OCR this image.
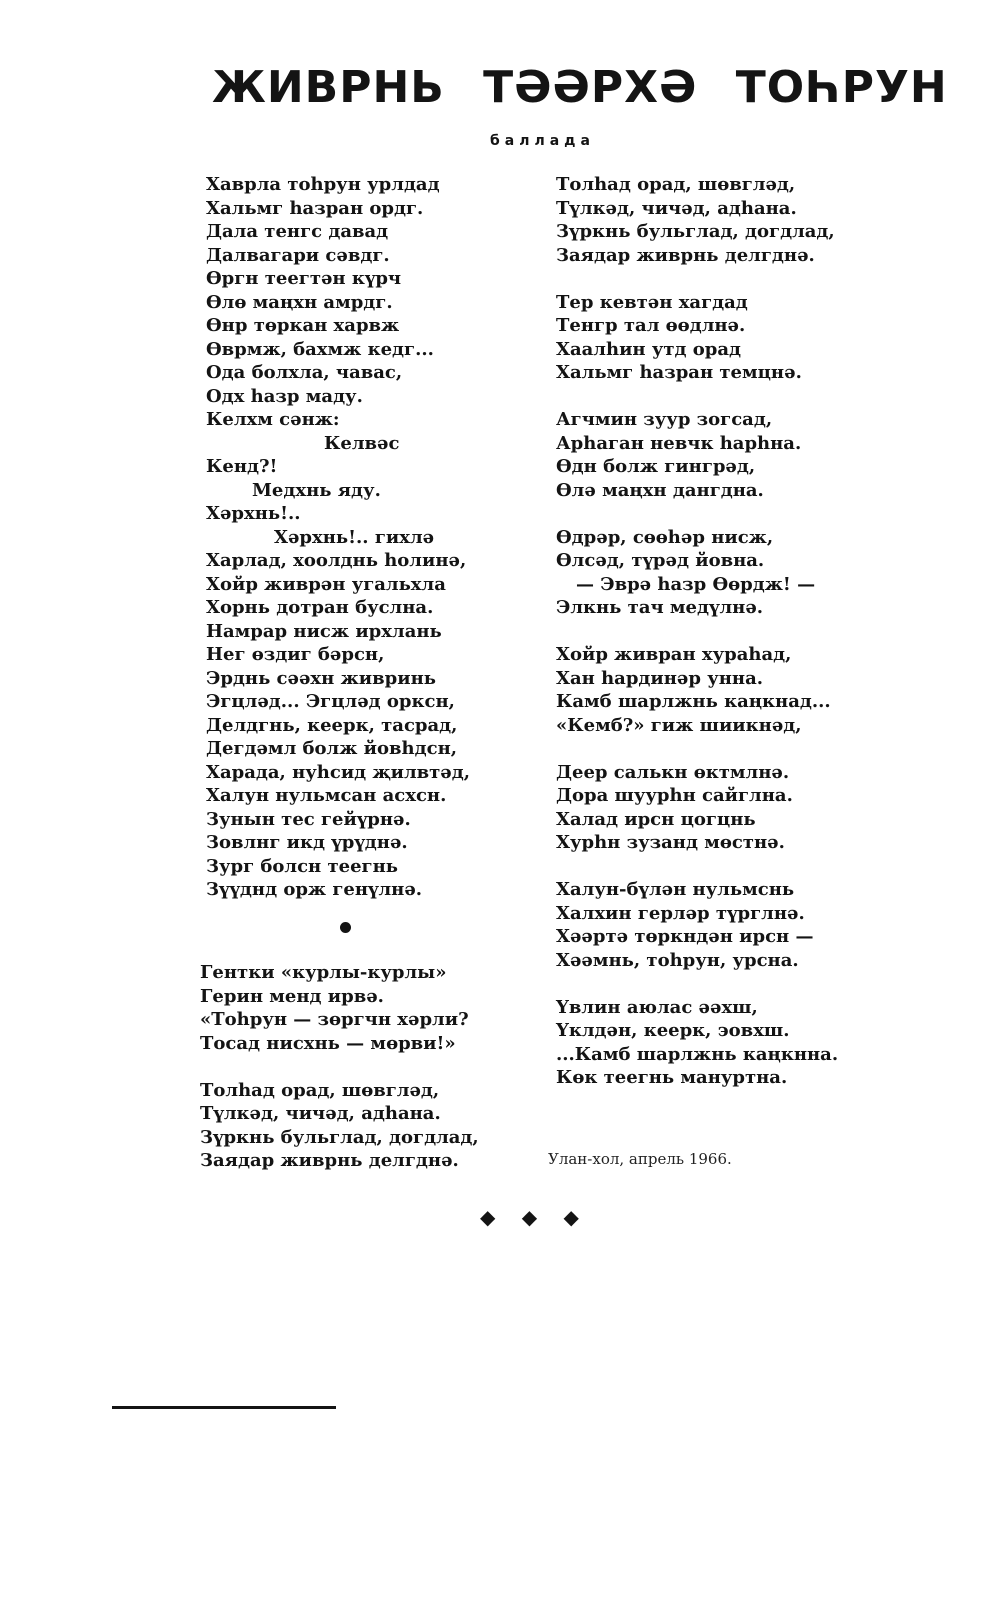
ЖИВРНЬ ТӘӘРХӘ ТОҺРУН
баллада
Хаврла тоһрун урлдад
Хальмг һазран ордг.
Дала тенгс давад
Далвагари сәвдг.
Өргн теегтән күрч
Өлө маңхн амрдг.
Өнр төркан харвж
Өврмж, бахмж кедг...
Ода болхла, чавас,
Одх һазр маду.
Келхм сәнж:
Келвәс
Кенд?!
Медхнь яду.
Хәрхнь!..
Хәрхнь!.. гихлә
Харлад, хоолднь һолинә,
Хойр живрән угальхла
Хорнь дотран буслна.
Намрар нисж ирхлань
Нег өздиг бәрсн,
Эрднь сәәхн живринь
Эгцләд... Эгцләд орксн,
Делдгнь, кеерк, тасрад,
Дегдәмл болж йовһдсн,
Харада, нуһсид җилвтәд,
Халун нульмсан асхсн.
Зунын тес гейүрнә.
Зовлнг икд үрүднә.
Зург болсн теегнь
Зүүднд орж генүлнә.
Гентки «курлы-курлы»
Герин менд ирвә.
«Тоһрун — зөргчн хәрли?
Тосад нисхнь — мөрви!»
Толһад орад, шөвгләд,
Түлкәд, чичәд, адһана.
Зүркнь бульглад, догдлад,
Заядар живрнь делгднә.
Толһад орад, шөвгләд,
Түлкәд, чичәд, адһана.
Зүркнь бульглад, догдлад,
Заядар живрнь делгднә.
Тер кевтән хагдад
Тенгр тал өөдлнә.
Хаалһин утд орад
Хальмг һазран темцнә.
Агчмин зуур зогсад,
Арһаган невчк һарһна.
Өдн болж гингрәд,
Өлә маңхн дангдна.
Өдрәр, сөөһәр нисж,
Өлсәд, түрәд йовна.
— Эврә һазр Өөрдж! —
Элкнь тач медүлнә.
Хойр живран хураһад,
Хан һардинәр унна.
Камб шарлжнь каңкнад...
«Кемб?» гиж шиикнәд,
Деер салькн өктмлнә.
Дора шуурһн сайглна.
Халад ирсн цогцнь
Хурһн зузанд мөстнә.
Халун-бүлән нульмснь
Халхин герләр түрглнә.
Хәәртә төркндән ирсн —
Хәәмнь, тоһрун, урсна.
Үвлин аюлас әәхш,
Үклдән, кеерк, эовхш.
...Камб шарлжнь каңкнна.
Көк теегнь мануртна.
Улан-хол, апрель 1966.
◆ ◆ ◆
